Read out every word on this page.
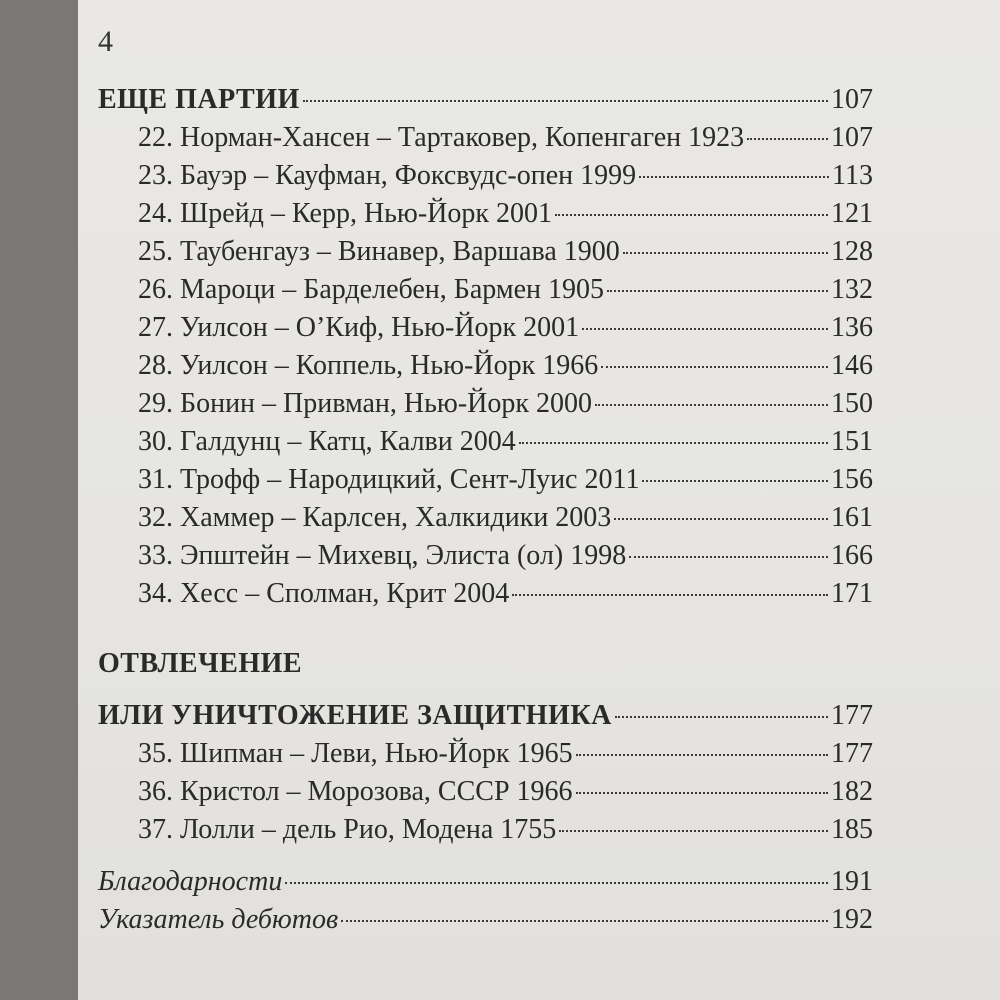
4
ЕЩЕ ПАРТИИ	107
22. Норман-Хансен – Тартаковер, Копенгаген 1923	107
23. Бауэр – Кауфман, Фоксвудс-опен 1999	113
24. Шрейд – Керр, Нью-Йорк 2001	121
25. Таубенгауз – Винавер, Варшава 1900	128
26. Мароци – Барделебен, Бармен 1905	132
27. Уилсон – О’Киф, Нью-Йорк 2001	136
28. Уилсон – Коппель, Нью-Йорк 1966	146
29. Бонин – Привман, Нью-Йорк 2000	150
30. Галдунц – Катц, Калви 2004	151
31. Трофф – Народицкий, Сент-Луис 2011	156
32. Хаммер – Карлсен, Халкидики 2003	161
33. Эпштейн – Михевц, Элиста (ол) 1998	166
34. Хесс – Сполман, Крит 2004	171
ОТВЛЕЧЕНИЕ
ИЛИ УНИЧТОЖЕНИЕ ЗАЩИТНИКА	177
35. Шипман – Леви, Нью-Йорк 1965	177
36. Кристол – Морозова, СССР 1966	182
37. Лолли – дель Рио, Модена 1755	185
Благодарности	191
Указатель дебютов	192
